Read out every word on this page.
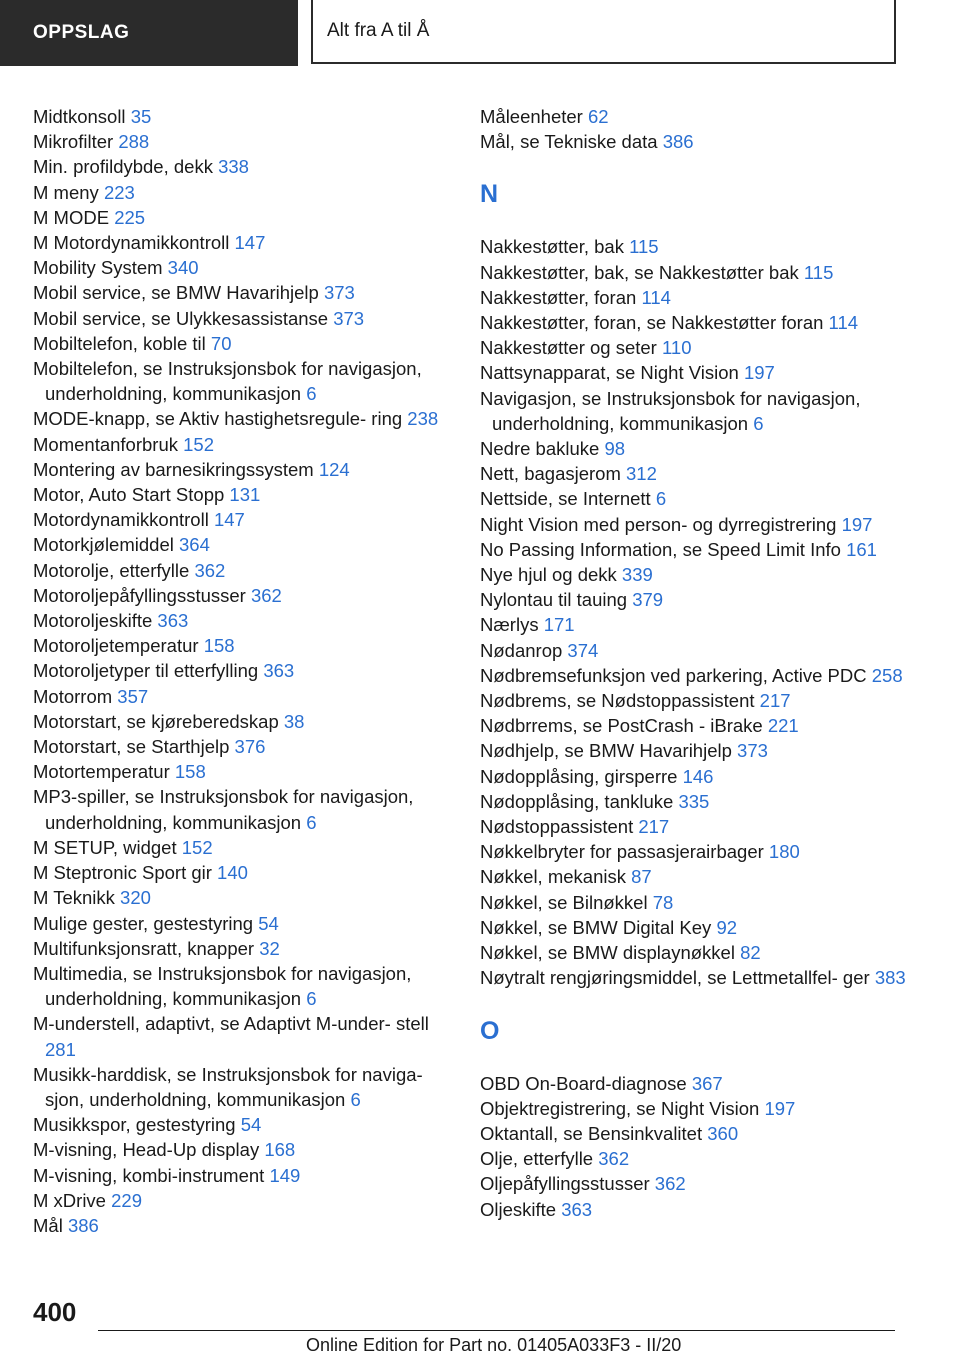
OPPSLAG	Alt fra A til Å
Midtkonsoll 35
Mikrofilter 288
Min. profildybde, dekk 338
M meny 223
M MODE 225
M Motordynamikkontroll 147
Mobility System 340
Mobil service, se BMW Havarihjelp 373
Mobil service, se Ulykkesassistanse 373
Mobiltelefon, koble til 70
Mobiltelefon, se Instruksjonsbok for navigasjon, underholdning, kommunikasjon 6
MODE-knapp, se Aktiv hastighetsregule‐ ring 238
Momentanforbruk 152
Montering av barnesikringssystem 124
Motor, Auto Start Stopp 131
Motordynamikkontroll 147
Motorkjølemiddel 364
Motorolje, etterfylle 362
Motoroljepåfyllingsstusser 362
Motoroljeskifte 363
Motoroljetemperatur 158
Motoroljetyper til etterfylling 363
Motorrom 357
Motorstart, se kjøreberedskap 38
Motorstart, se Starthjelp 376
Motortemperatur 158
MP3-spiller, se Instruksjonsbok for navigasjon, underholdning, kommunikasjon 6
M SETUP, widget 152
M Steptronic Sport gir 140
M Teknikk 320
Mulige gester, gestestyring 54
Multifunksjonsratt, knapper 32
Multimedia, se Instruksjonsbok for navigasjon, underholdning, kommunikasjon 6
M-understell, adaptivt, se Adaptivt M-under‐ stell 281
Musikk-harddisk, se Instruksjonsbok for naviga‐ sjon, underholdning, kommunikasjon 6
Musikkspor, gestestyring 54
M-visning, Head-Up display 168
M-visning, kombi-instrument 149
M xDrive 229
Mål 386
Måleenheter 62
Mål, se Tekniske data 386
N
Nakkestøtter, bak 115
Nakkestøtter, bak, se Nakkestøtter bak 115
Nakkestøtter, foran 114
Nakkestøtter, foran, se Nakkestøtter foran 114
Nakkestøtter og seter 110
Nattsynapparat, se Night Vision 197
Navigasjon, se Instruksjonsbok for navigasjon, underholdning, kommunikasjon 6
Nedre bakluke 98
Nett, bagasjerom 312
Nettside, se Internett 6
Night Vision med person- og dyrregistrering 197
No Passing Information, se Speed Limit Info 161
Nye hjul og dekk 339
Nylontau til tauing 379
Nærlys 171
Nødanrop 374
Nødbremsefunksjon ved parkering, Active PDC 258
Nødbrems, se Nødstoppassistent 217
Nødbrrems, se PostCrash - iBrake 221
Nødhjelp, se BMW Havarihjelp 373
Nødopplåsing, girsperre 146
Nødopplåsing, tankluke 335
Nødstoppassistent 217
Nøkkelbryter for passasjerairbager 180
Nøkkel, mekanisk 87
Nøkkel, se Bilnøkkel 78
Nøkkel, se BMW Digital Key 92
Nøkkel, se BMW displaynøkkel 82
Nøytralt rengjøringsmiddel, se Lettmetallfel‐ ger 383
O
OBD On-Board-diagnose 367
Objektregistrering, se Night Vision 197
Oktantall, se Bensinkvalitet 360
Olje, etterfylle 362
Oljepåfyllingsstusser 362
Oljeskifte 363
400
Online Edition for Part no. 01405A033F3 - II/20
